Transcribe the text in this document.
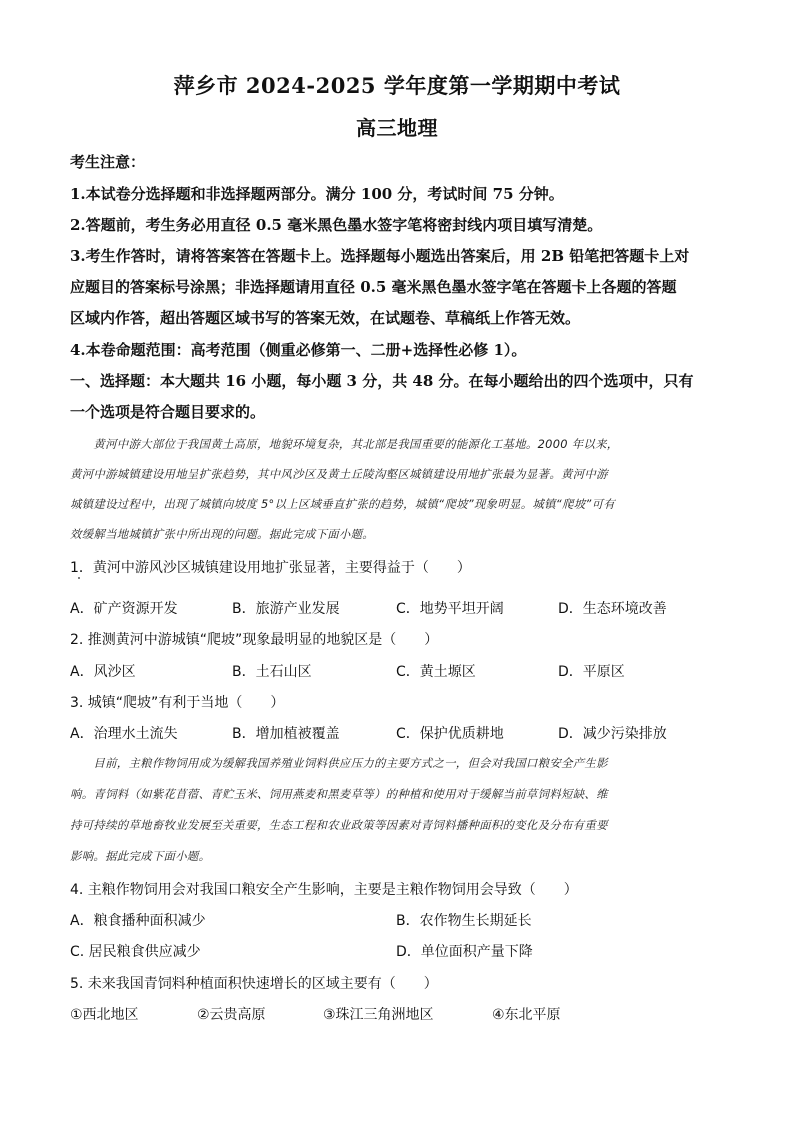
萍乡市 2024-2025 学年度第一学期期中考试
高三地理
考生注意：
1.本试卷分选择题和非选择题两部分。满分 100 分，考试时间 75 分钟。
2.答题前，考生务必用直径 0.5 毫米黑色墨水签字笔将密封线内项目填写清楚。
3.考生作答时，请将答案答在答题卡上。选择题每小题选出答案后，用 2B 铅笔把答题卡上对
应题目的答案标号涂黑；非选择题请用直径 0.5 毫米黑色墨水签字笔在答题卡上各题的答题
区域内作答，超出答题区域书写的答案无效，在试题卷、草稿纸上作答无效。
4.本卷命题范围：高考范围（侧重必修第一、二册+选择性必修 1）。
一、选择题：本大题共 16 小题，每小题 3 分，共 48 分。在每小题给出的四个选项中，只有
一个选项是符合题目要求的。
　　黄河中游大部位于我国黄土高原，地貌环境复杂，其北部是我国重要的能源化工基地。2000 年以来，
黄河中游城镇建设用地呈扩张趋势，其中风沙区及黄土丘陵沟壑区城镇建设用地扩张最为显著。黄河中游
城镇建设过程中，出现了城镇向坡度 5°以上区域垂直扩张的趋势，城镇“爬坡”现象明显。城镇“爬坡”可有
效缓解当地城镇扩张中所出现的问题。据此完成下面小题。
1．黄河中游风沙区城镇建设用地扩张显著，主要得益于（　　）
A．矿产资源开发	B．旅游产业发展	C．地势平坦开阔	D．生态环境改善
2. 推测黄河中游城镇“爬坡”现象最明显的地貌区是（　　）
A．风沙区	B．土石山区	C．黄土塬区	D．平原区
3. 城镇“爬坡”有利于当地（　　）
A．治理水土流失	B．增加植被覆盖	C．保护优质耕地	D．减少污染排放
　　目前，主粮作物饲用成为缓解我国养殖业饲料供应压力的主要方式之一，但会对我国口粮安全产生影
响。青饲料（如紫花苜蓿、青贮玉米、饲用燕麦和黑麦草等）的种植和使用对于缓解当前草饲料短缺、维
持可持续的草地畜牧业发展至关重要，生态工程和农业政策等因素对青饲料播种面积的变化及分布有重要
影响。据此完成下面小题。
4. 主粮作物饲用会对我国口粮安全产生影响，主要是主粮作物饲用会导致（　　）
A．粮食播种面积减少	B．农作物生长期延长
C. 居民粮食供应减少	D．单位面积产量下降
5. 未来我国青饲料种植面积快速增长的区域主要有（　　）
①西北地区	②云贵高原	③珠江三角洲地区	④东北平原
